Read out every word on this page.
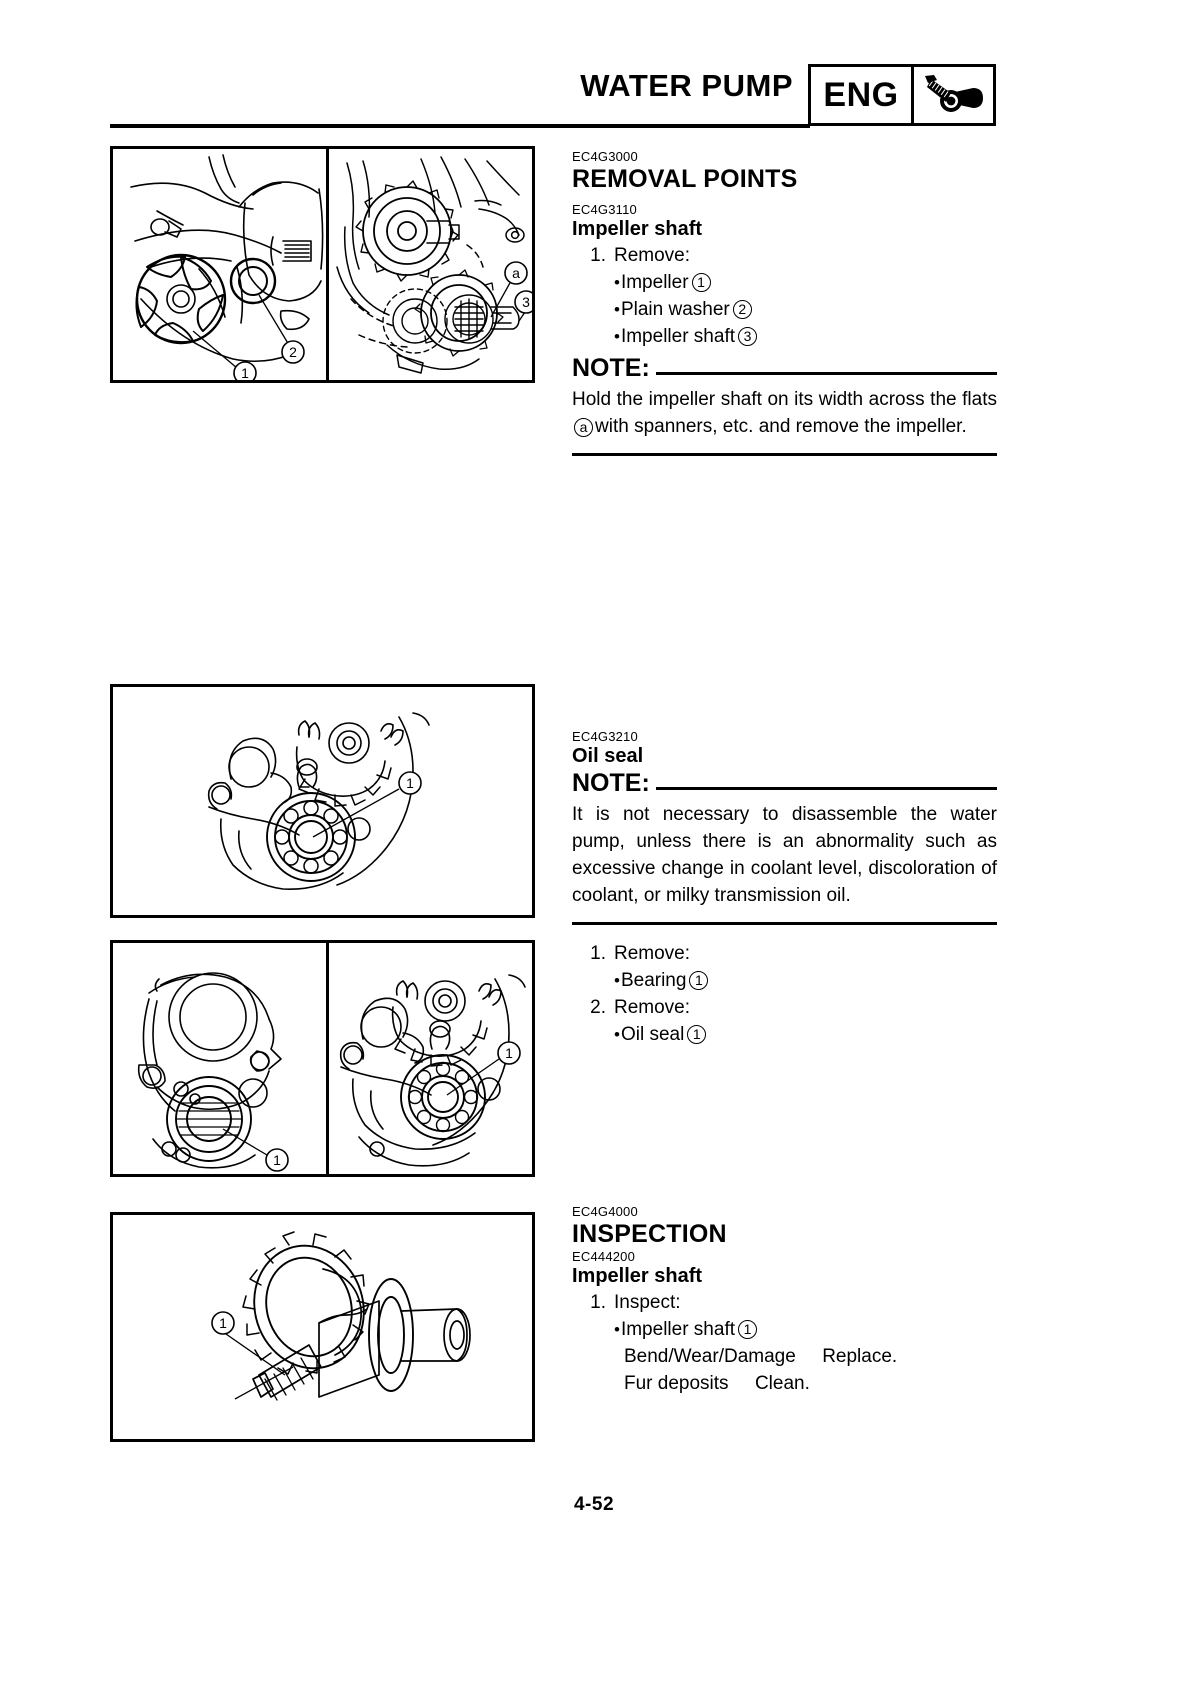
WATER PUMP ENG
1
2
a
3
1
1
1
1

EC4G3000

REMOVAL POINTS

EC4G3110

Impeller shaft
1. Remove:
• Impeller 1
• Plain washer 2
• Impeller shaft 3
NOTE:

Hold the impeller shaft on its width across the flatsa with spanners, etc. and remove the impeller.

EC4G3210

Oil seal
NOTE:

It is not necessary to disassemble the water pump, unless there is an abnormality such as excessive change in coolant level, discoloration of coolant, or milky transmission oil.

1. Remove:
• Bearing 1
2. Remove:
• Oil seal 1

EC4G4000

INSPECTION

EC444200

Impeller shaft
1. Inspect:
• Impeller shaft 1
Bend/Wear/Damage     Replace.
Fur deposits     Clean.
4-52
